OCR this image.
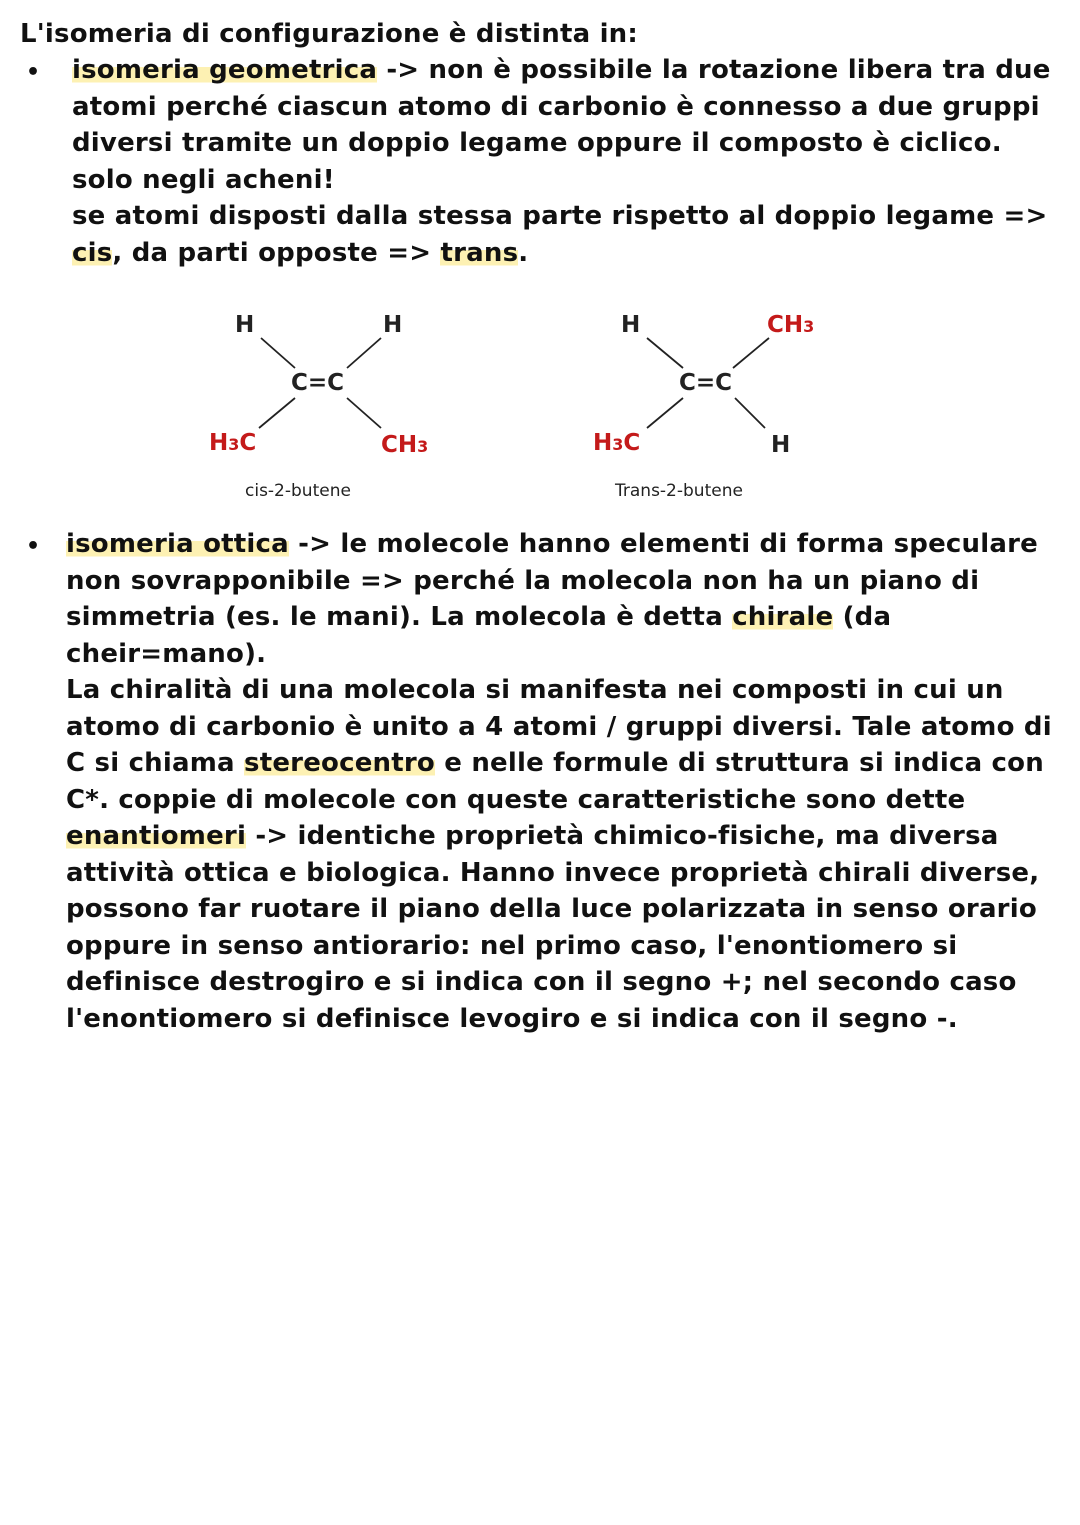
L'isomeria di configurazione è distinta in:
• isomeria geometrica -> non è possibile la rotazione libera tra due atomi perché ciascun atomo di carbonio è connesso a due gruppi diversi tramite un doppio legame oppure il composto è ciclico. solo negli acheni!

se atomi disposti dalla stessa parte rispetto al doppio legame => cis, da parti opposte => trans.

H	H
C=C
H3C	CH3
cis-2-butene
H	CH3
C=C
H3C	H
Trans-2-butene
• isomeria ottica -> le molecole hanno elementi di forma speculare non sovrapponibile => perché la molecola non ha un piano di simmetria (es. le mani). La molecola è detta chirale (da cheir=mano).

La chiralità di una molecola si manifesta nei composti in cui un atomo di carbonio è unito a 4 atomi / gruppi diversi. Tale atomo di C si chiama stereocentro e nelle formule di struttura si indica con C*. coppie di molecole con queste caratteristiche sono dette enantiomeri -> identiche proprietà chimico-fisiche, ma diversa attività ottica e biologica. Hanno invece proprietà chirali diverse, possono far ruotare il piano della luce polarizzata in senso orario oppure in senso antiorario: nel primo caso, l'enontiomero si definisce destrogiro e si indica con il segno +; nel secondo caso l'enontiomero si definisce levogiro e si indica con il segno -.
